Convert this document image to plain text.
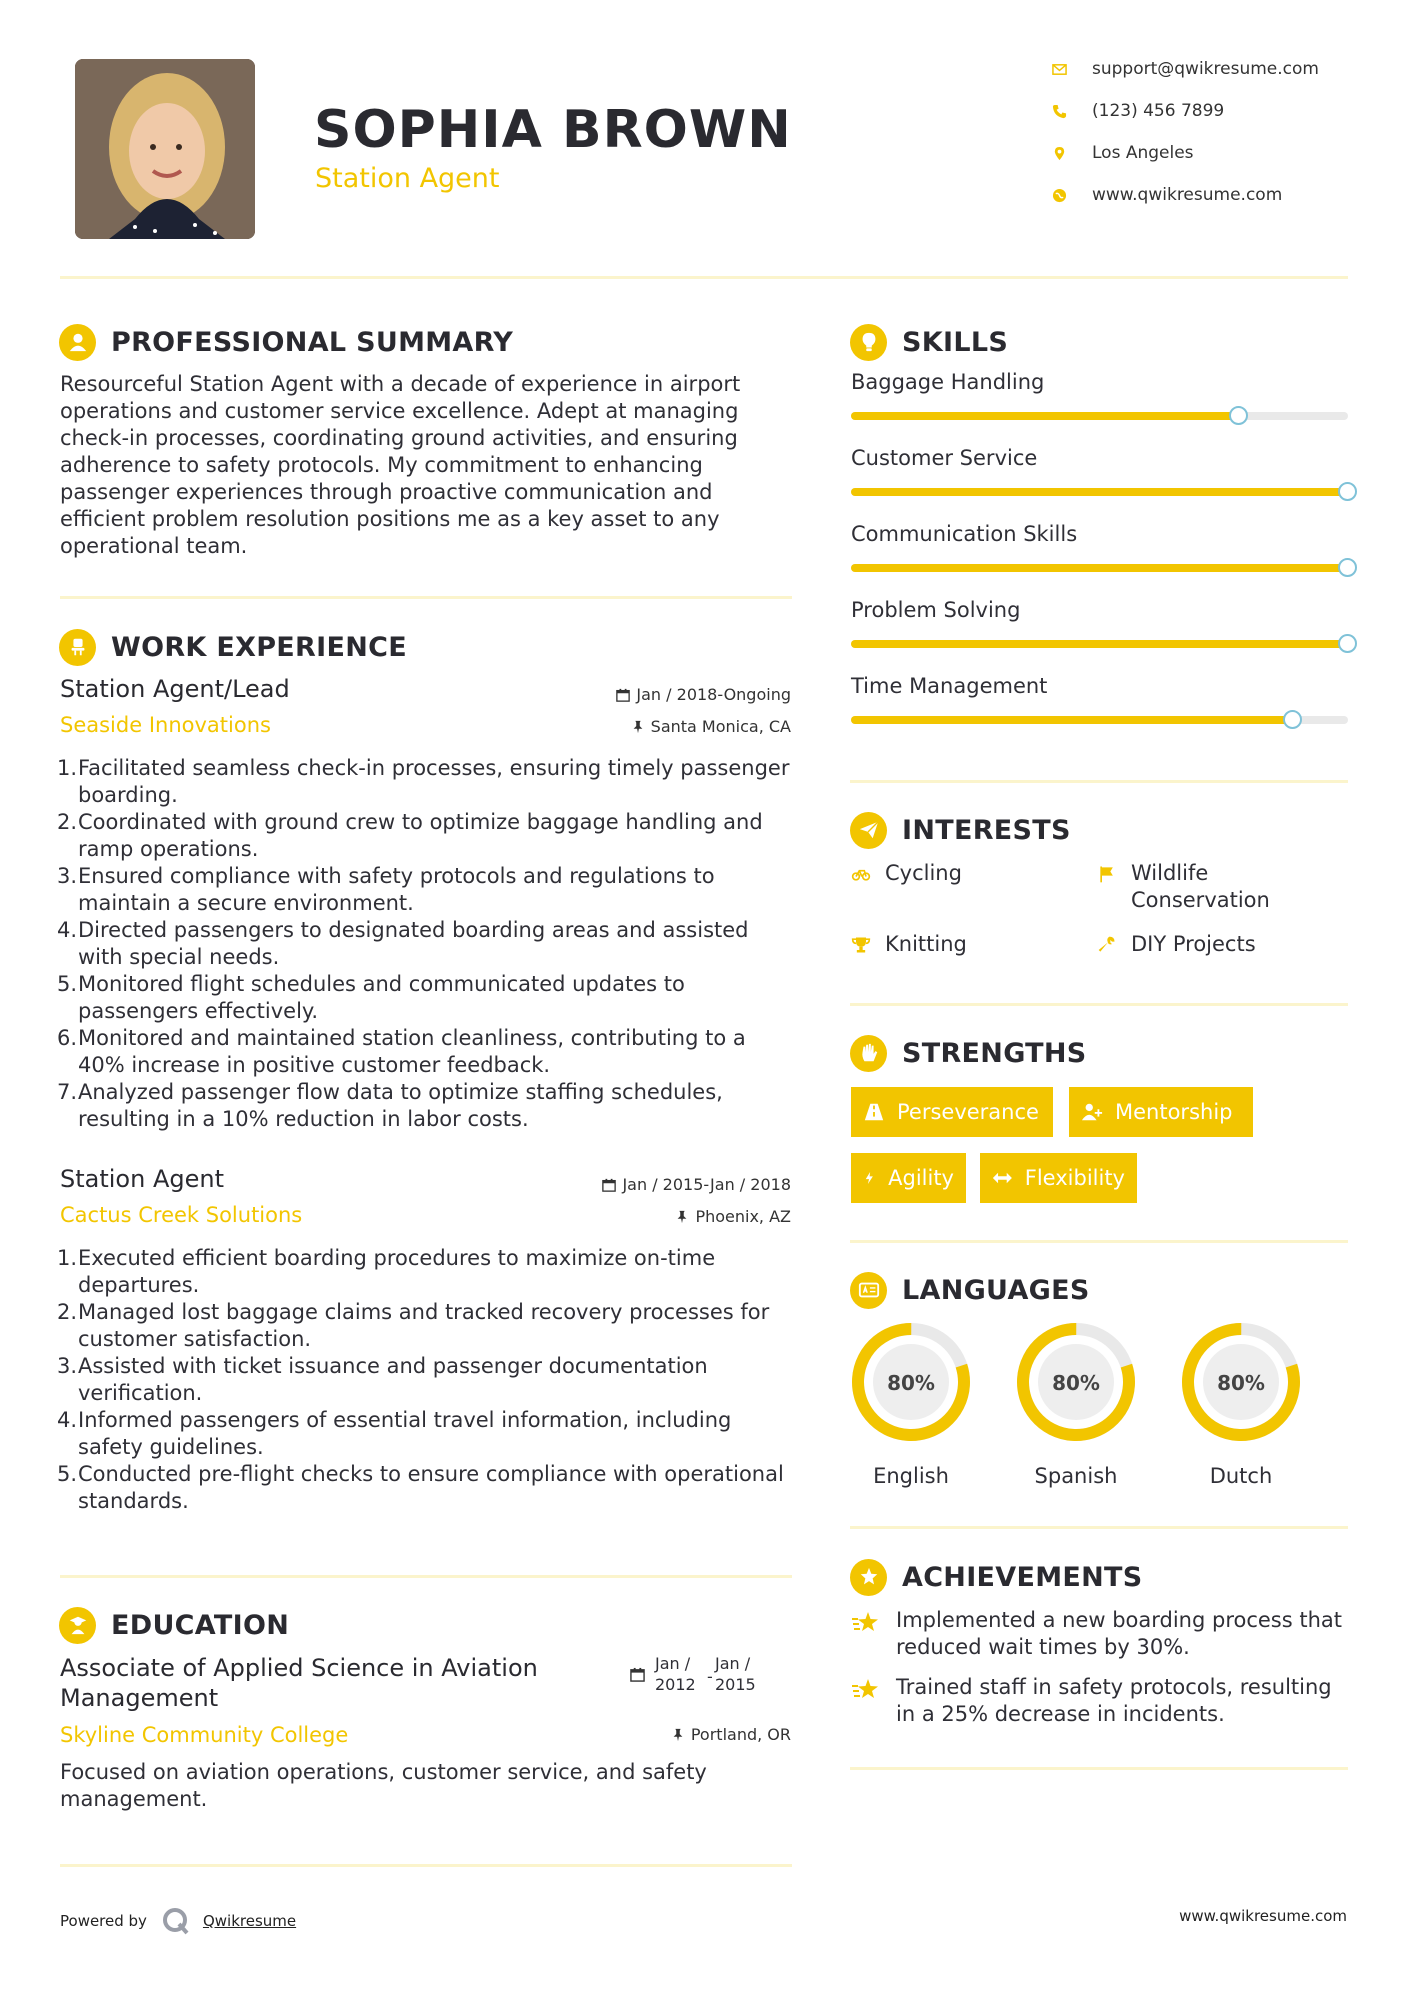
SOPHIA BROWN
Station Agent
support@qwikresume.com
(123) 456 7899
Los Angeles
www.qwikresume.com
PROFESSIONAL SUMMARY
Resourceful Station Agent with a decade of experience in airport
operations and customer service excellence. Adept at managing
check-in processes, coordinating ground activities, and ensuring
adherence to safety protocols. My commitment to enhancing
passenger experiences through proactive communication and
efficient problem resolution positions me as a key asset to any
operational team.
WORK EXPERIENCE
Station Agent/Lead	Jan / 2018-Ongoing
Seaside Innovations	Santa Monica, CA
1. Facilitated seamless check-in processes, ensuring timely passenger
boarding.
2. Coordinated with ground crew to optimize baggage handling and
ramp operations.
3. Ensured compliance with safety protocols and regulations to
maintain a secure environment.
4. Directed passengers to designated boarding areas and assisted
with special needs.
5. Monitored flight schedules and communicated updates to
passengers effectively.
6. Monitored and maintained station cleanliness, contributing to a
40% increase in positive customer feedback.
7. Analyzed passenger flow data to optimize staffing schedules,
resulting in a 10% reduction in labor costs.
Station Agent	Jan / 2015-Jan / 2018
Cactus Creek Solutions	Phoenix, AZ
1. Executed efficient boarding procedures to maximize on-time
departures.
2. Managed lost baggage claims and tracked recovery processes for
customer satisfaction.
3. Assisted with ticket issuance and passenger documentation
verification.
4. Informed passengers of essential travel information, including
safety guidelines.
5. Conducted pre-flight checks to ensure compliance with operational
standards.
EDUCATION
Associate of Applied Science in Aviation
Management
Jan /
2012 -
Jan /
2015
Skyline Community College	Portland, OR
Focused on aviation operations, customer service, and safety
management.
SKILLS
Baggage Handling
Customer Service
Communication Skills
Problem Solving
Time Management
INTERESTS
Cycling	Wildlife
Conservation
Knitting	DIY Projects
STRENGTHS
Perseverance	Mentorship
Agility	Flexibility
LANGUAGES
80%
English
80%
Spanish
80%
Dutch
ACHIEVEMENTS
Implemented a new boarding process that
reduced wait times by 30%.
Trained staff in safety protocols, resulting
in a 25% decrease in incidents.
Powered by	Qwikresume	www.qwikresume.com
